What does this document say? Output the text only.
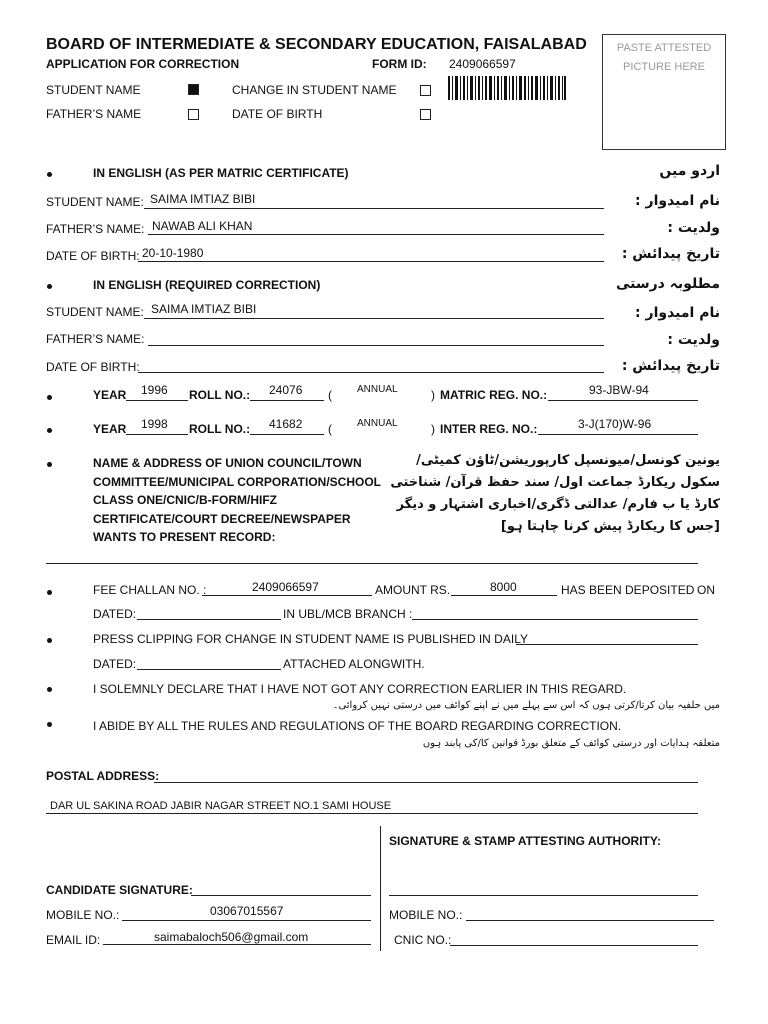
BOARD OF INTERMEDIATE & SECONDARY EDUCATION, FAISALABAD
APPLICATION FOR CORRECTION	FORM ID: 2409066597
PASTE ATTESTED
PICTURE HERE
STUDENT NAME	CHANGE IN STUDENT NAME
FATHER’S NAME	DATE OF BIRTH
IN ENGLISH (AS PER MATRIC CERTIFICATE)	اردو میں
STUDENT NAME: SAIMA IMTIAZ BIBI	نام امیدوار :
FATHER’S NAME: NAWAB ALI KHAN	ولدیت :
DATE OF BIRTH: 20-10-1980	تاریخ پیدائش :
IN ENGLISH (REQUIRED CORRECTION)	مطلوبہ درستی
STUDENT NAME: SAIMA IMTIAZ BIBI	نام امیدوار :
FATHER’S NAME:	ولدیت :
DATE OF BIRTH:	تاریخ پیدائش :
YEAR 1996 ROLL NO.: 24076 (	ANNUAL	) MATRIC REG. NO.:	93-JBW-94
YEAR 1998 ROLL NO.: 41682 (	ANNUAL	) INTER REG. NO.:	3-J(170)W-96
NAME & ADDRESS OF UNION COUNCIL/TOWN
COMMITTEE/MUNICIPAL CORPORATION/SCHOOL
CLASS ONE/CNIC/B-FORM/HIFZ
CERTIFICATE/COURT DECREE/NEWSPAPER
WANTS TO PRESENT RECORD:
یونین کونسل/میونسپل کارپوریشن/ٹاؤن کمیٹی/
سکول ریکارڈ جماعت اول/ سند حفظ قرآن/ شناختی
کارڈ یا ب فارم/ عدالتی ڈگری/اخباری اشتہار و دیگر
[جس کا ریکارڈ پیش کرنا چاہتا ہو]
FEE CHALLAN NO. :	2409066597	AMOUNT RS.	8000	HAS BEEN DEPOSITED ON
DATED:	IN UBL/MCB BRANCH :
PRESS CLIPPING FOR CHANGE IN STUDENT NAME IS PUBLISHED IN DAILY
DATED:	ATTACHED ALONGWITH.
I SOLEMNLY DECLARE THAT I HAVE NOT GOT ANY CORRECTION EARLIER IN THIS REGARD.
میں حلفیہ بیان کرتا/کرتی ہوں کہ اس سے پہلے میں نے اپنے کوائف میں درستی نہیں کروائی۔
I ABIDE BY ALL THE RULES AND REGULATIONS OF THE BOARD REGARDING CORRECTION.
متعلقہ ہدایات اور درستی کوائف کے متعلق بورڈ قوانین کا/کی پابند ہوں
POSTAL ADDRESS:
DAR UL SAKINA ROAD JABIR NAGAR STREET NO.1 SAMI HOUSE
SIGNATURE & STAMP ATTESTING AUTHORITY:
CANDIDATE SIGNATURE:
MOBILE NO.:	03067015567	MOBILE NO.:
EMAIL ID:	saimabaloch506@gmail.com	CNIC NO.:
